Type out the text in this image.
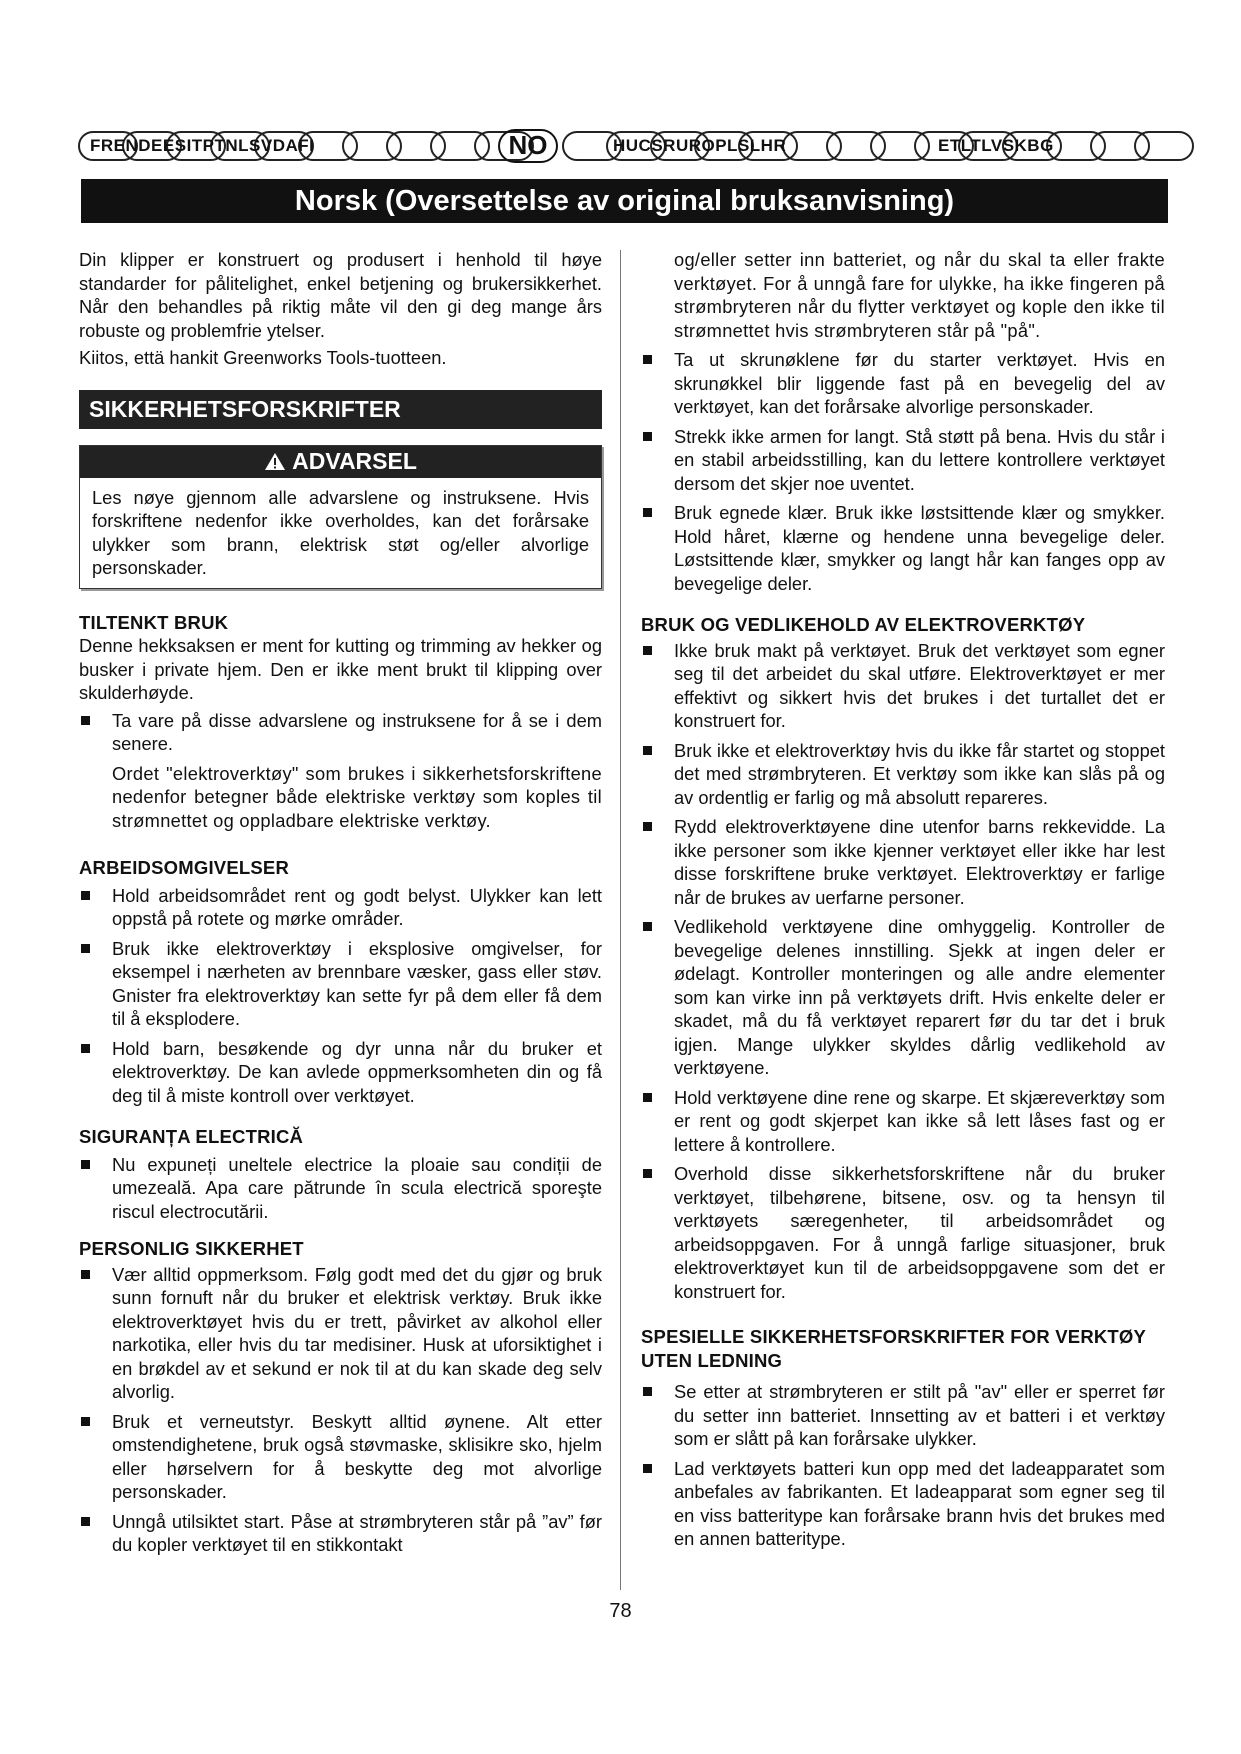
FRENDEESITPTNLSVDAFI	NO	HUCSRUROPLSLHR	ETLTLVSKBG
Norsk (Oversettelse av original bruksanvisning)

Din klipper er konstruert og produsert i henhold til høye standarder for pålitelighet, enkel betjening og brukersikkerhet. Når den behandles på riktig måte vil den gi deg mange års robuste og problemfrie ytelser.

Kiitos, että hankit Greenworks Tools-tuotteen.

SIKKERHETSFORSKRIFTER
ADVARSEL
Les nøye gjennom alle advarslene og instruksene. Hvis forskriftene nedenfor ikke overholdes, kan det forårsake ulykker som brann, elektrisk støt og/eller alvorlige personskader.
TILTENKT BRUK

Denne hekksaksen er ment for kutting og trimming av hekker og busker i private hjem. Den er ikke ment brukt til klipping over skulderhøyde.

Ta vare på disse advarslene og instruksene for å se i dem senere.

Ordet "elektroverktøy" som brukes i sikkerhetsforskriftene nedenfor betegner både elektriske verktøy som koples til strømnettet og oppladbare elektriske verktøy.

ARBEIDSOMGIVELSER
Hold arbeidsområdet rent og godt belyst. Ulykker kan lett oppstå på rotete og mørke områder.
Bruk ikke elektroverktøy i eksplosive omgivelser, for eksempel i nærheten av brennbare væsker, gass eller støv. Gnister fra elektroverktøy kan sette fyr på dem eller få dem til å eksplodere.
Hold barn, besøkende og dyr unna når du bruker et elektroverktøy. De kan avlede oppmerksomheten din og få deg til å miste kontroll over verktøyet.
SIGURANȚA ELECTRICĂ
Nu expuneți uneltele electrice la ploaie sau condiții de umezeală. Apa care pătrunde în scula electrică sporeşte riscul electrocutării.
PERSONLIG SIKKERHET
Vær alltid oppmerksom. Følg godt med det du gjør og bruk sunn fornuft når du bruker et elektrisk verktøy. Bruk ikke elektroverktøyet hvis du er trett, påvirket av alkohol eller narkotika, eller hvis du tar medisiner. Husk at uforsiktighet i en brøkdel av et sekund er nok til at du kan skade deg selv alvorlig.
Bruk et verneutstyr. Beskytt alltid øynene. Alt etter omstendighetene, bruk også støvmaske, sklisikre sko, hjelm eller hørselvern for å beskytte deg mot alvorlige personskader.
Unngå utilsiktet start. Påse at strømbryteren står på ”av” før du kopler verktøyet til en stikkontakt

og/eller setter inn batteriet, og når du skal ta eller frakte verktøyet. For å unngå fare for ulykke, ha ikke fingeren på strømbryteren når du flytter verktøyet og kople den ikke til strømnettet hvis strømbryteren står på "på".

Ta ut skrunøklene før du starter verktøyet. Hvis en skrunøkkel blir liggende fast på en bevegelig del av verktøyet, kan det forårsake alvorlige personskader.
Strekk ikke armen for langt. Stå støtt på bena. Hvis du står i en stabil arbeidsstilling, kan du lettere kontrollere verktøyet dersom det skjer noe uventet.
Bruk egnede klær. Bruk ikke løstsittende klær og smykker. Hold håret, klærne og hendene unna bevegelige deler. Løstsittende klær, smykker og langt hår kan fanges opp av bevegelige deler.
BRUK OG VEDLIKEHOLD AV ELEKTROVERKTØY
Ikke bruk makt på verktøyet. Bruk det verktøyet som egner seg til det arbeidet du skal utføre. Elektroverktøyet er mer effektivt og sikkert hvis det brukes i det turtallet det er konstruert for.
Bruk ikke et elektroverktøy hvis du ikke får startet og stoppet det med strømbryteren. Et verktøy som ikke kan slås på og av ordentlig er farlig og må absolutt repareres.
Rydd elektroverktøyene dine utenfor barns rekkevidde. La ikke personer som ikke kjenner verktøyet eller ikke har lest disse forskriftene bruke verktøyet. Elektroverktøy er farlige når de brukes av uerfarne personer.
Vedlikehold verktøyene dine omhyggelig. Kontroller de bevegelige delenes innstilling. Sjekk at ingen deler er ødelagt. Kontroller monteringen og alle andre elementer som kan virke inn på verktøyets drift. Hvis enkelte deler er skadet, må du få verktøyet reparert før du tar det i bruk igjen. Mange ulykker skyldes dårlig vedlikehold av verktøyene.
Hold verktøyene dine rene og skarpe. Et skjæreverktøy som er rent og godt skjerpet kan ikke så lett låses fast og er lettere å kontrollere.
Overhold disse sikkerhetsforskriftene når du bruker verktøyet, tilbehørene, bitsene, osv. og ta hensyn til verktøyets særegenheter, til arbeidsområdet og arbeidsoppgaven. For å unngå farlige situasjoner, bruk elektroverktøyet kun til de arbeidsoppgavene som det er konstruert for.
SPESIELLE SIKKERHETSFORSKRIFTER FOR VERKTØY UTEN LEDNING
Se etter at strømbryteren er stilt på "av" eller er sperret før du setter inn batteriet. Innsetting av et batteri i et verktøy som er slått på kan forårsake ulykker.
Lad verktøyets batteri kun opp med det ladeapparatet som anbefales av fabrikanten. Et ladeapparat som egner seg til en viss batteritype kan forårsake brann hvis det brukes med en annen batteritype.
78
